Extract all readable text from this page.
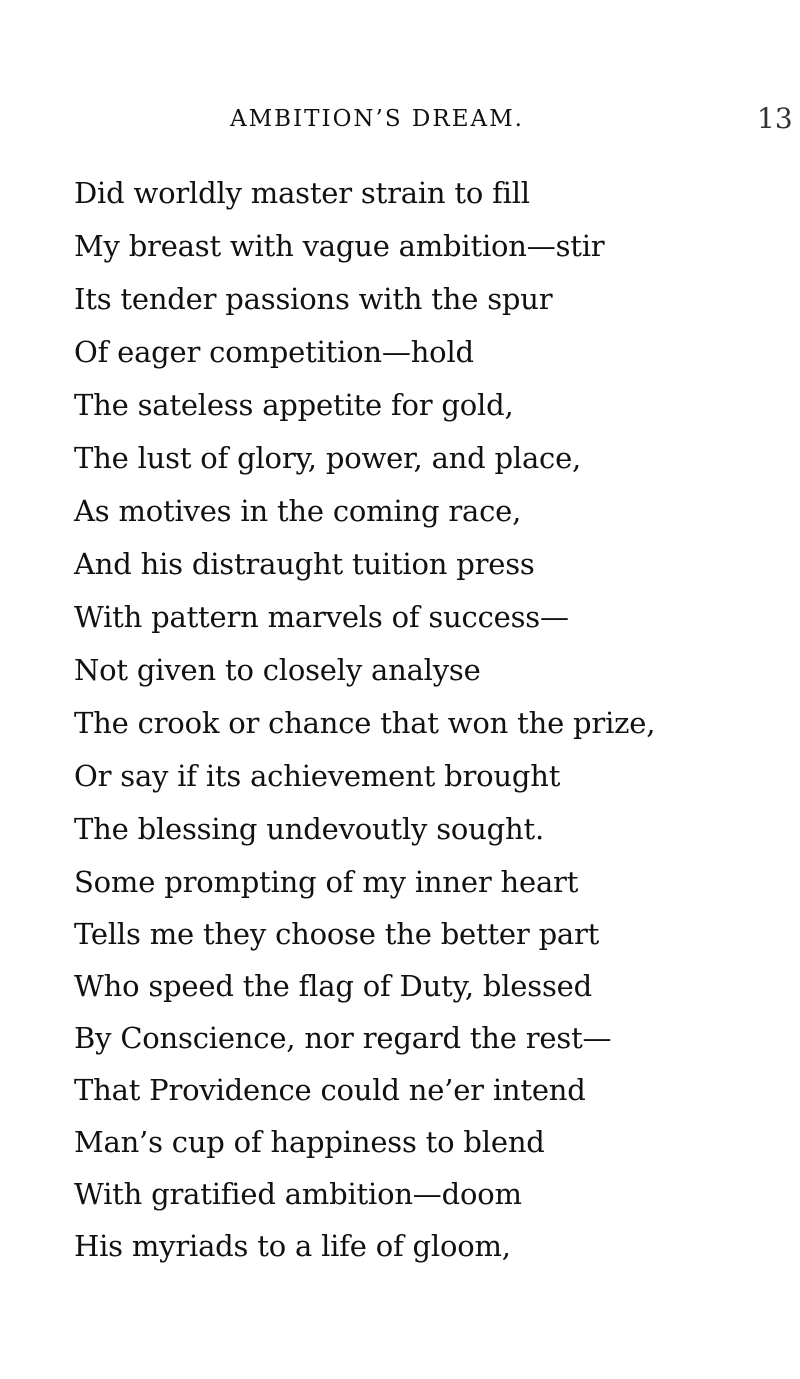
AMBITION’S DREAM.	13
Did worldly master strain to fill
My breast with vague ambition—stir
Its tender passions with the spur
Of eager competition—hold
The sateless appetite for gold,
The lust of glory, power, and place,
As motives in the coming race,
And his distraught tuition press
With pattern marvels of success—
Not given to closely analyse
The crook or chance that won the prize,
Or say if its achievement brought
The blessing undevoutly sought.
Some prompting of my inner heart
Tells me they choose the better part
Who speed the flag of Duty, blessed
By Conscience, nor regard the rest—
That Providence could ne’er intend
Man’s cup of happiness to blend
With gratified ambition—doom
His myriads to a life of gloom,
